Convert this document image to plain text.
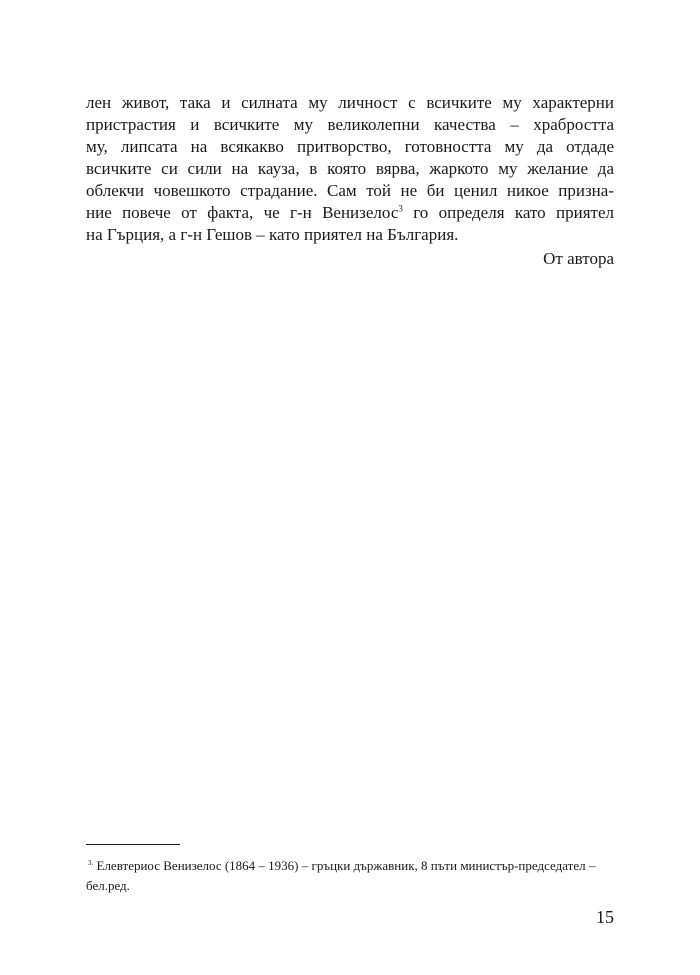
лен живот, така и силната му личност с всичките му характерни
пристрастия и всичките му великолепни качества – храбростта
му, липсата на всякакво притворство, готовността му да отдаде
всичките си сили на кауза, в която вярва, жаркото му желание да
облекчи човешкото страдание. Сам той не би ценил никое призна-
ние повече от факта, че г-н Венизелос$^3$ го определя като приятел
на Гърция, а г-н Гешов – като приятел на България.
От автора
$^{3.}$ Елевтериос Венизелос (1864 – 1936) – гръцки държавник, 8 пъти министър-председател –
бел.ред.
15
